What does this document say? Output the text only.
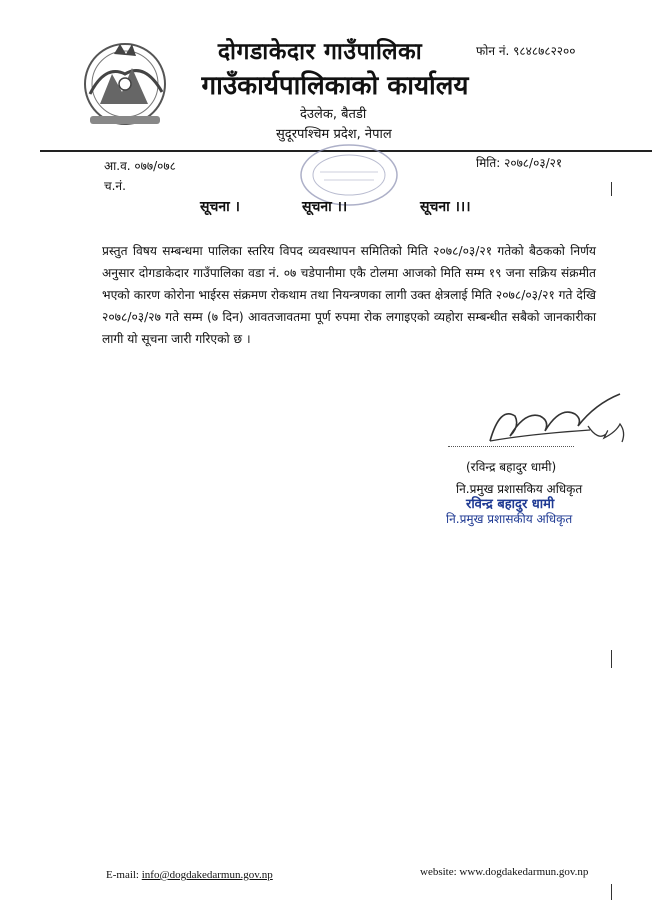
दोगडाकेदार गाउँपालिका
गाउँकार्यपालिकाको कार्यालय
फोन नं. ९८४८७८२२००
देउलेक, बैतडी
सुदूरपश्चिम प्रदेश, नेपाल
आ.व. ०७७/०७८
च.नं.
मिति: २०७८/०३/२१
सूचना ।	सूचना ।।	सूचना ।।।
प्रस्तुत विषय सम्बन्धमा पालिका स्तरिय विपद व्यवस्थापन समितिको मिति २०७८/०३/२१ गतेको बैठकको निर्णय अनुसार दोगडाकेदार गाउँपालिका वडा नं. ०७ चडेपानीमा एकै टोलमा आजको मिति सम्म १९ जना सक्रिय संक्रमीत भएको कारण कोरोना भाईरस संक्रमण रोकथाम तथा नियन्त्रणका लागी उक्त क्षेत्रलाई मिति २०७८/०३/२१ गते देखि २०७८/०३/२७ गते सम्म (७ दिन) आवतजावतमा पूर्ण रुपमा रोक लगाइएको व्यहोरा सम्बन्धीत सबैको जानकारीका लागी यो सूचना जारी गरिएको छ ।
(रविन्द्र बहादुर धामी)
नि.प्रमुख प्रशासकिय अधिकृत
रविन्द्र बहादुर धामी
नि.प्रमुख प्रशासकीय अधिकृत
E-mail: info@dogdakedarmun.gov.np	website: www.dogdakedarmun.gov.np
